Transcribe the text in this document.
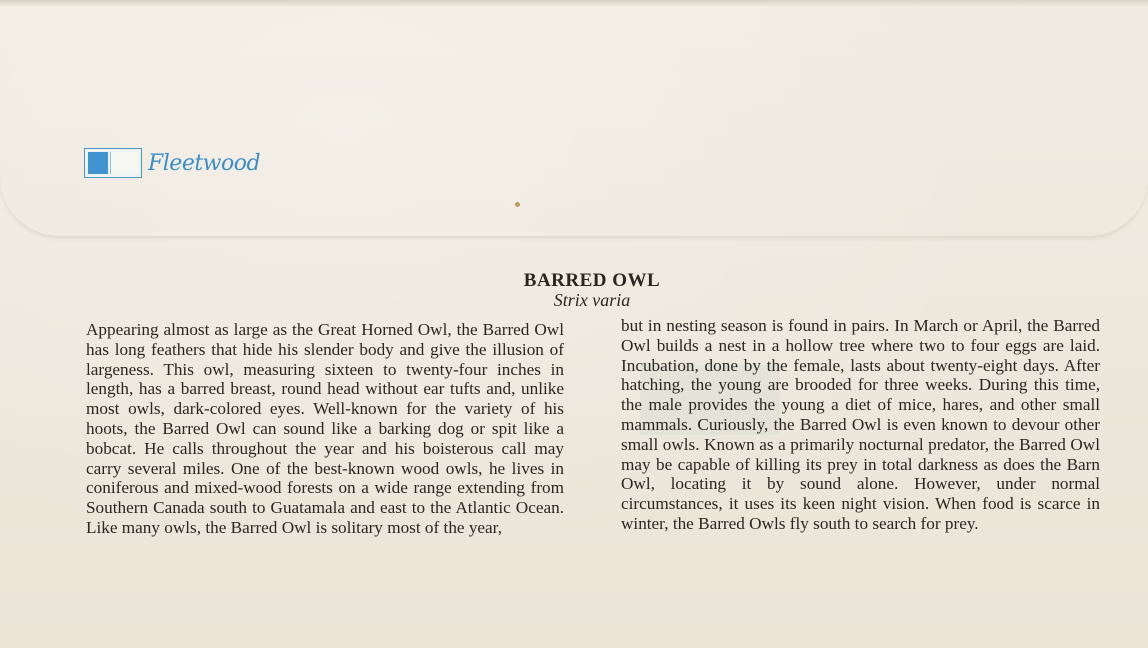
Fleetwood
BARRED OWL
Strix varia

Appearing almost as large as the Great Horned Owl, the Barred Owl has long feathers that hide his slender body and give the illusion of largeness. This owl, measuring sixteen to twenty-four inches in length, has a barred breast, round head without ear tufts and, unlike most owls, dark-colored eyes. Well-known for the variety of his hoots, the Barred Owl can sound like a barking dog or spit like a bobcat. He calls throughout the year and his boisterous call may carry several miles. One of the best-known wood owls, he lives in coniferous and mixed-wood forests on a wide range extending from Southern Canada south to Guatamala and east to the Atlantic Ocean. Like many owls, the Barred Owl is solitary most of the year,

but in nesting season is found in pairs. In March or April, the Barred Owl builds a nest in a hollow tree where two to four eggs are laid. Incubation, done by the female, lasts about twenty-eight days. After hatching, the young are brooded for three weeks. During this time, the male provides the young a diet of mice, hares, and other small mammals. Curiously, the Barred Owl is even known to devour other small owls. Known as a primarily nocturnal predator, the Barred Owl may be capable of killing its prey in total darkness as does the Barn Owl, locating it by sound alone. However, under normal circumstances, it uses its keen night vision. When food is scarce in winter, the Barred Owls fly south to search for prey.
